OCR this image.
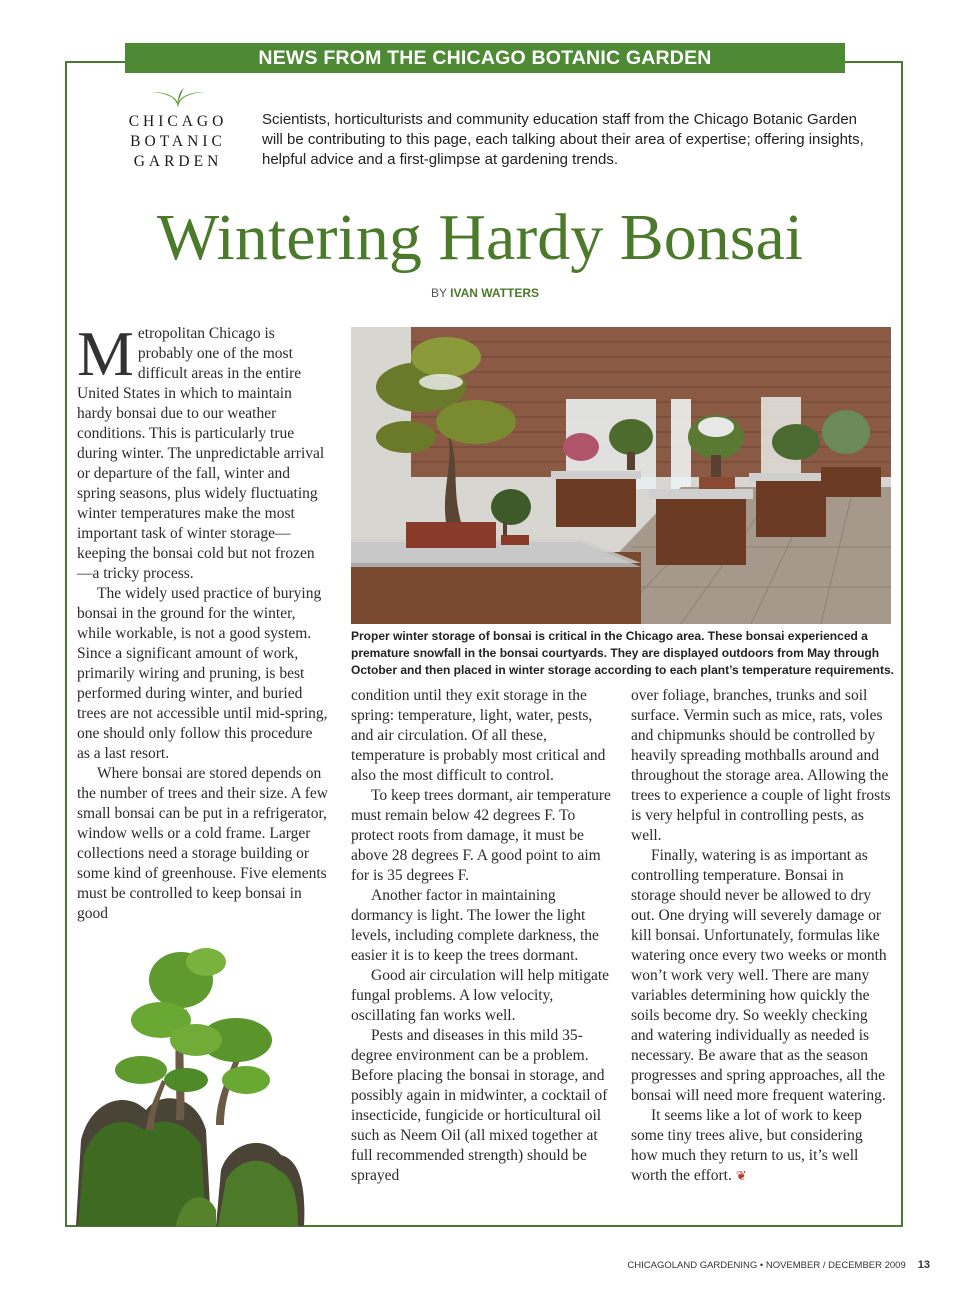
NEWS FROM THE CHICAGO BOTANIC GARDEN
CHICAGO
BOTANIC
GARDEN
Scientists, horticulturists and community education staff from the Chicago Botanic Garden will be contributing to this page, each talking about their area of expertise; offering insights, helpful advice and a first-glimpse at gardening trends.
Wintering Hardy Bonsai
BY IVAN WATTERS

Metropolitan Chicago is probably one of the most difficult areas in the entire United States in which to maintain hardy bonsai due to our weather conditions. This is particularly true during winter. The unpredictable arrival or departure of the fall, winter and spring seasons, plus widely fluctuating winter temperatures make the most important task of winter storage—keeping the bonsai cold but not frozen—a tricky process.

The widely used practice of burying bonsai in the ground for the winter, while workable, is not a good system. Since a significant amount of work, primarily wiring and pruning, is best performed during winter, and buried trees are not accessible until mid-spring, one should only follow this procedure as a last resort.

Where bonsai are stored depends on the number of trees and their size. A few small bonsai can be put in a refrigerator, window wells or a cold frame. Larger collections need a storage building or some kind of greenhouse. Five elements must be controlled to keep bonsai in good

Proper winter storage of bonsai is critical in the Chicago area. These bonsai experienced a premature snowfall in the bonsai courtyards. They are displayed outdoors from May through October and then placed in winter storage according to each plant’s temperature requirements.

condition until they exit storage in the spring: temperature, light, water, pests, and air circulation. Of all these, temperature is probably most critical and also the most difficult to control.

To keep trees dormant, air temperature must remain below 42 degrees F. To protect roots from damage, it must be above 28 degrees F. A good point to aim for is 35 degrees F.

Another factor in maintaining dormancy is light. The lower the light levels, including complete darkness, the easier it is to keep the trees dormant.

Good air circulation will help mitigate fungal problems. A low velocity, oscillating fan works well.

Pests and diseases in this mild 35-degree environment can be a problem. Before placing the bonsai in storage, and possibly again in midwinter, a cocktail of insecticide, fungicide or horticultural oil such as Neem Oil (all mixed together at full recommended strength) should be sprayed

over foliage, branches, trunks and soil surface. Vermin such as mice, rats, voles and chipmunks should be controlled by heavily spreading mothballs around and throughout the storage area. Allowing the trees to experience a couple of light frosts is very helpful in controlling pests, as well.

Finally, watering is as important as controlling temperature. Bonsai in storage should never be allowed to dry out. One drying will severely damage or kill bonsai. Unfortunately, formulas like watering once every two weeks or month won’t work very well. There are many variables determining how quickly the soils become dry. So weekly checking and watering individually as needed is necessary. Be aware that as the season progresses and spring approaches, all the bonsai will need more frequent watering.

It seems like a lot of work to keep some tiny trees alive, but considering how much they return to us, it’s well worth the effort. ❦

CHICAGOLAND GARDENING • NOVEMBER / DECEMBER 2009 13
